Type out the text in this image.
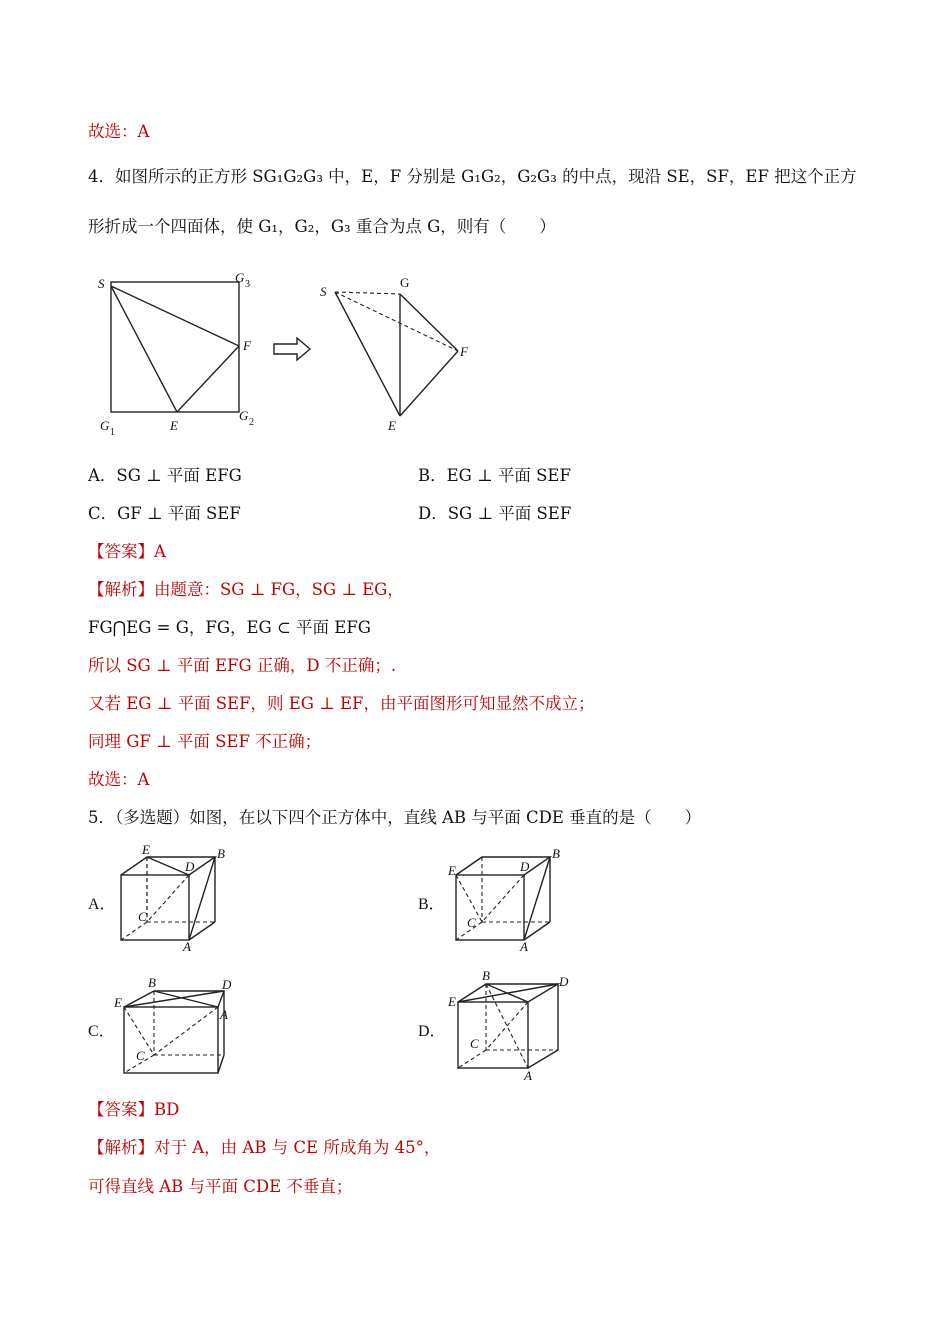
故选：A
4．如图所示的正方形 SG₁G₂G₃ 中，E，F 分别是 G₁G₂，G₂G₃ 的中点，现沿 SE，SF，EF 把这个正方
形折成一个四面体，使 G₁，G₂，G₃ 重合为点 G，则有（　　）
S	G 3
F
G 1	E
G 2
S
G
F
E
A．SG ⊥ 平面 EFG	B．EG ⊥ 平面 SEF
C．GF ⊥ 平面 SEF	D．SG ⊥ 平面 SEF
【答案】A
【解析】由题意：SG ⊥ FG，SG ⊥ EG，
FG⋂EG = G，FG，EG ⊂ 平面 EFG
所以 SG ⊥ 平面 EFG 正确，D 不正确；.
又若 EG ⊥ 平面 SEF，则 EG ⊥ EF，由平面图形可知显然不成立；
同理 GF ⊥ 平面 SEF 不正确；
故选：A
5．（多选题）如图，在以下四个正方体中，直线 AB 与平面 CDE 垂直的是（　　）
A．	B．
C．	D．
E
D
B
C
A
E	D
B
C
A
B	D
E
A
C
B	D
E
C
A
【答案】BD
【解析】对于 A，由 AB 与 CE 所成角为 45°，
可得直线 AB 与平面 CDE 不垂直；
